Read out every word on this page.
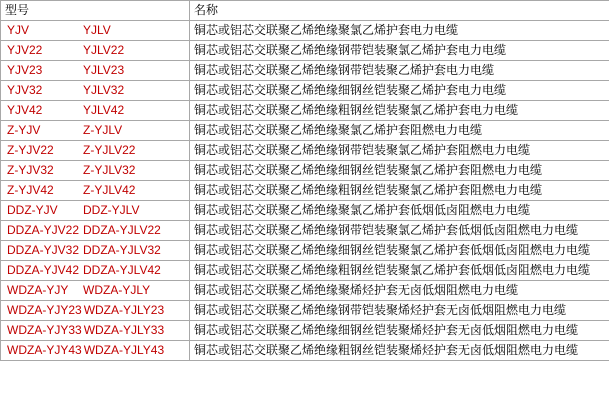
型号	名称

YJV YJLV	铜芯或铝芯交联聚乙烯绝缘聚氯乙烯护套电力电缆

YJV22 YJLV22	铜芯或铝芯交联聚乙烯绝缘钢带铠装聚氯乙烯护套电力电缆

YJV23 YJLV23	铜芯或铝芯交联聚乙烯绝缘钢带铠装聚乙烯护套电力电缆

YJV32 YJLV32	铜芯或铝芯交联聚乙烯绝缘细钢丝铠装聚乙烯护套电力电缆

YJV42 YJLV42	铜芯或铝芯交联聚乙烯绝缘粗钢丝铠装聚氯乙烯护套电力电缆

Z-YJV Z-YJLV	铜芯或铝芯交联聚乙烯绝缘聚氯乙烯护套阻燃电力电缆

Z-YJV22 Z-YJLV22	铜芯或铝芯交联聚乙烯绝缘钢带铠装聚氯乙烯护套阻燃电力电缆

Z-YJV32 Z-YJLV32	铜芯或铝芯交联聚乙烯绝缘细钢丝铠装聚氯乙烯护套阻燃电力电缆

Z-YJV42 Z-YJLV42	铜芯或铝芯交联聚乙烯绝缘粗钢丝铠装聚氯乙烯护套阻燃电力电缆

DDZ-YJV DDZ-YJLV	铜芯或铝芯交联聚乙烯绝缘聚氯乙烯护套低烟低卤阻燃电力电缆

DDZA-YJV22 DDZA-YJLV22	铜芯或铝芯交联聚乙烯绝缘钢带铠装聚氯乙烯护套低烟低卤阻燃电力电缆

DDZA-YJV32 DDZA-YJLV32	铜芯或铝芯交联聚乙烯绝缘细钢丝铠装聚氯乙烯护套低烟低卤阻燃电力电缆

DDZA-YJV42 DDZA-YJLV42	铜芯或铝芯交联聚乙烯绝缘粗钢丝铠装聚氯乙烯护套低烟低卤阻燃电力电缆

WDZA-YJY WDZA-YJLY	铜芯或铝芯交联聚乙烯绝缘聚烯烃护套无卤低烟阻燃电力电缆

WDZA-YJY23 WDZA-YJLY23	铜芯或铝芯交联聚乙烯绝缘钢带铠装聚烯烃护套无卤低烟阻燃电力电缆

WDZA-YJY33 WDZA-YJLY33	铜芯或铝芯交联聚乙烯绝缘细钢丝铠装聚烯烃护套无卤低烟阻燃电力电缆

WDZA-YJY43 WDZA-YJLY43	铜芯或铝芯交联聚乙烯绝缘粗钢丝铠装聚烯烃护套无卤低烟阻燃电力电缆
